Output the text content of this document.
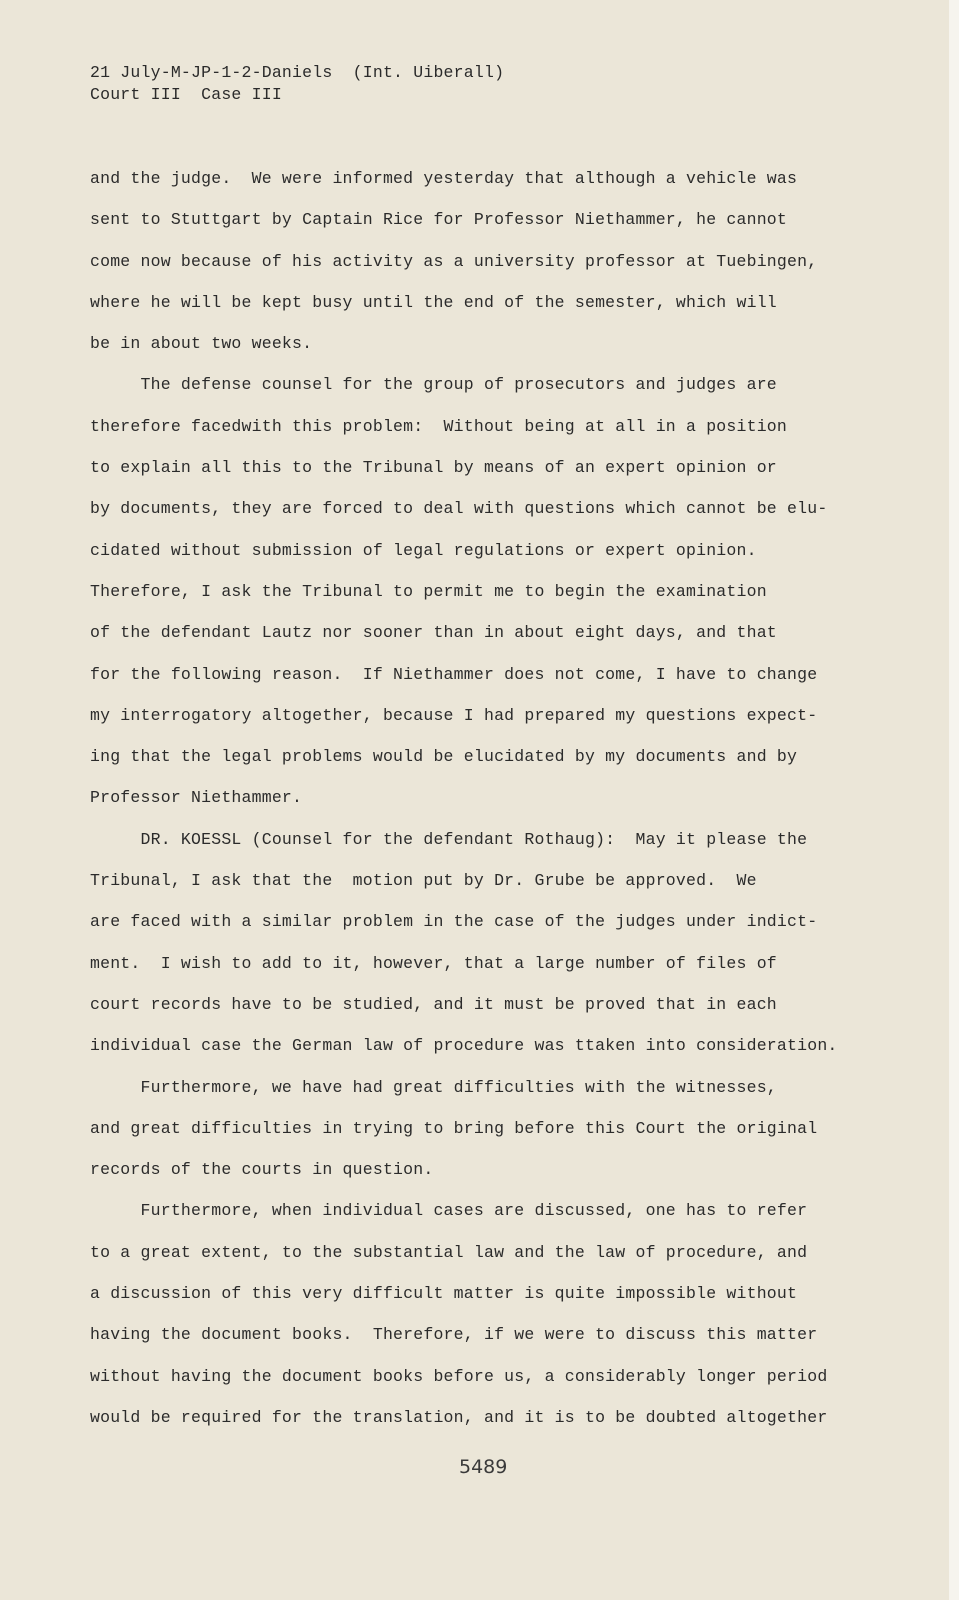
21 July-M-JP-1-2-Daniels  (Int. Uiberall)
Court III  Case III
and the judge.  We were informed yesterday that although a vehicle was
sent to Stuttgart by Captain Rice for Professor Niethammer, he cannot
come now because of his activity as a university professor at Tuebingen,
where he will be kept busy until the end of the semester, which will
be in about two weeks.
The defense counsel for the group of prosecutors and judges are
therefore facedwith this problem:  Without being at all in a position
to explain all this to the Tribunal by means of an expert opinion or
by documents, they are forced to deal with questions which cannot be elu-
cidated without submission of legal regulations or expert opinion.
Therefore, I ask the Tribunal to permit me to begin the examination
of the defendant Lautz nor sooner than in about eight days, and that
for the following reason.  If Niethammer does not come, I have to change
my interrogatory altogether, because I had prepared my questions expect-
ing that the legal problems would be elucidated by my documents and by
Professor Niethammer.
DR. KOESSL (Counsel for the defendant Rothaug):  May it please the
Tribunal, I ask that the  motion put by Dr. Grube be approved.  We
are faced with a similar problem in the case of the judges under indict-
ment.  I wish to add to it, however, that a large number of files of
court records have to be studied, and it must be proved that in each
individual case the German law of procedure was ttaken into consideration.
Furthermore, we have had great difficulties with the witnesses,
and great difficulties in trying to bring before this Court the original
records of the courts in question.
Furthermore, when individual cases are discussed, one has to refer
to a great extent, to the substantial law and the law of procedure, and
a discussion of this very difficult matter is quite impossible without
having the document books.  Therefore, if we were to discuss this matter
without having the document books before us, a considerably longer period
would be required for the translation, and it is to be doubted altogether
5489
